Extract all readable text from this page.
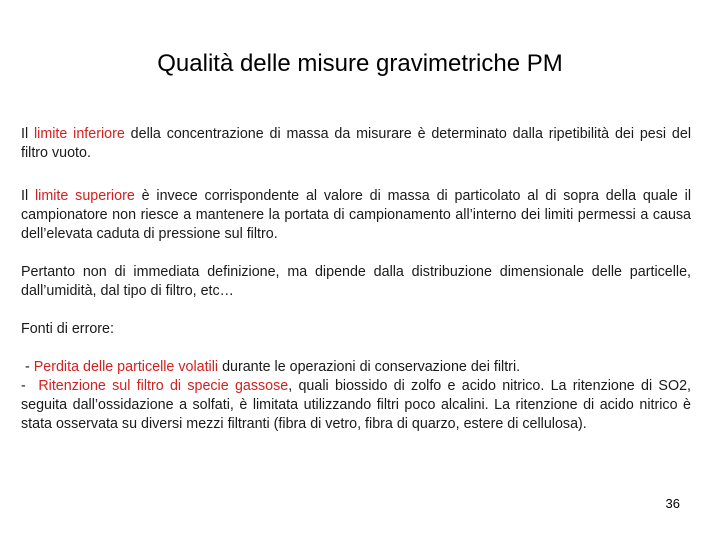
Qualità delle misure gravimetriche PM
Il limite inferiore della concentrazione di massa da misurare è determinato dalla ripetibilità dei pesi del filtro vuoto.
Il limite superiore è invece corrispondente al valore di massa di particolato al di sopra della quale il campionatore non riesce a mantenere la portata di campionamento all’interno dei limiti permessi a causa dell’elevata caduta di pressione sul filtro.
Pertanto non di immediata definizione, ma dipende dalla distribuzione dimensionale delle particelle, dall’umidità, dal tipo di filtro, etc…
Fonti di errore:
- Perdita delle particelle volatili durante le operazioni di conservazione dei filtri.
-  Ritenzione sul filtro di specie gassose, quali biossido di zolfo e acido nitrico. La ritenzione di SO2, seguita dall’ossidazione a solfati, è limitata utilizzando filtri poco alcalini. La ritenzione di acido nitrico è stata osservata su diversi mezzi filtranti (fibra di vetro, fibra di quarzo, estere di cellulosa).
36
